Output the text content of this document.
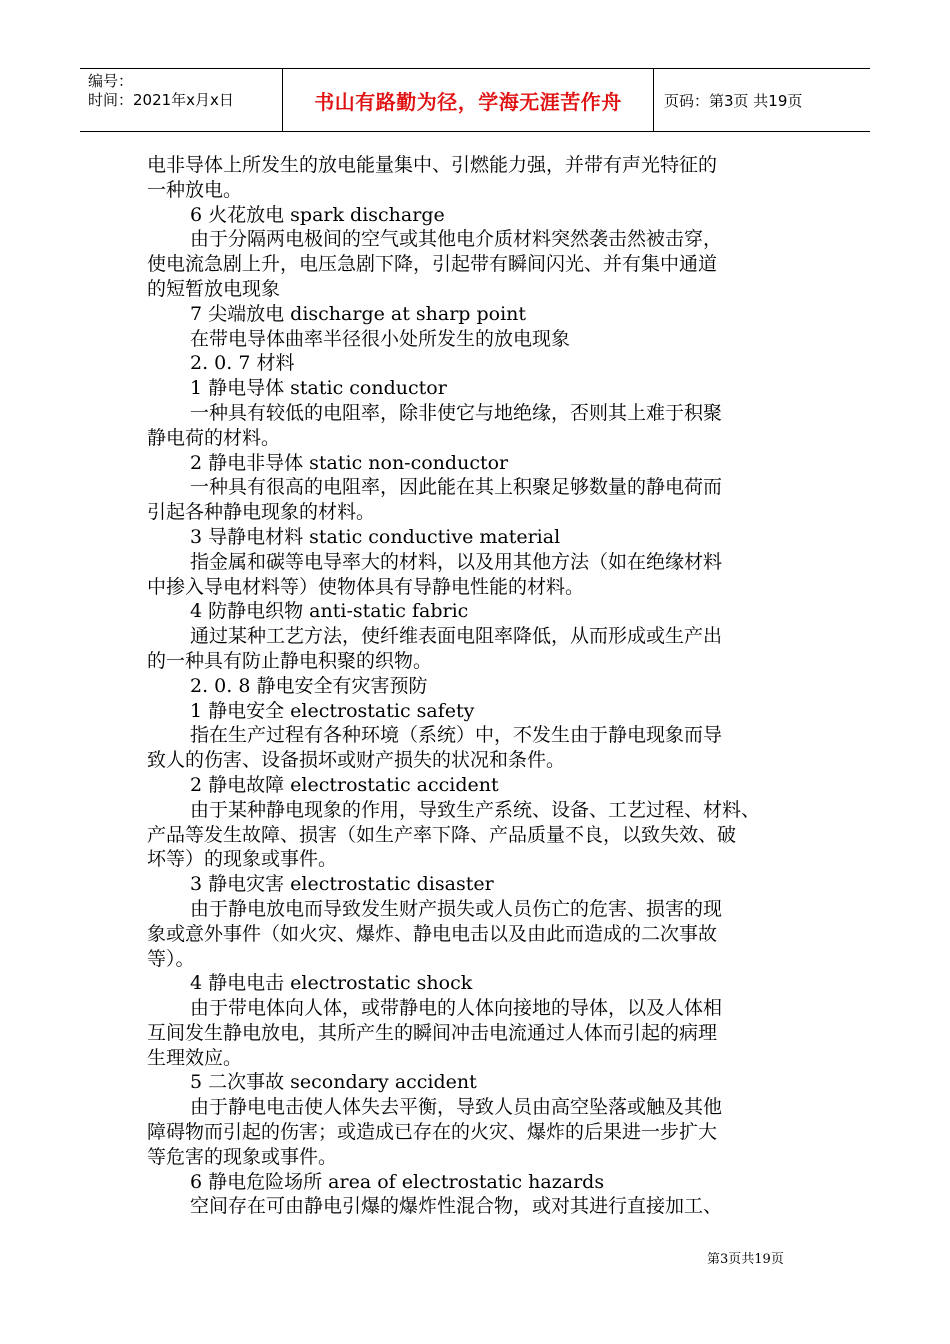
编号：
时间：2021年x月x日	书山有路勤为径，学海无涯苦作舟	页码：第3页 共19页

电非导体上所发生的放电能量集中、引燃能力强，并带有声光特征的

一种放电。

6 火花放电 spark discharge

由于分隔两电极间的空气或其他电介质材料突然袭击然被击穿，

使电流急剧上升，电压急剧下降，引起带有瞬间闪光、并有集中通道

的短暂放电现象

7 尖端放电 discharge at sharp point

在带电导体曲率半径很小处所发生的放电现象

2. 0. 7 材料

1 静电导体 static conductor

一种具有较低的电阻率，除非使它与地绝缘，否则其上难于积聚

静电荷的材料。

2 静电非导体 static non-conductor

一种具有很高的电阻率，因此能在其上积聚足够数量的静电荷而

引起各种静电现象的材料。

3 导静电材料 static conductive material

指金属和碳等电导率大的材料，以及用其他方法（如在绝缘材料

中掺入导电材料等）使物体具有导静电性能的材料。

4 防静电织物 anti-static fabric

通过某种工艺方法，使纤维表面电阻率降低，从而形成或生产出

的一种具有防止静电积聚的织物。

2. 0. 8 静电安全有灾害预防

1 静电安全 electrostatic safety

指在生产过程有各种环境（系统）中，不发生由于静电现象而导

致人的伤害、设备损坏或财产损失的状况和条件。

2 静电故障 electrostatic accident

由于某种静电现象的作用，导致生产系统、设备、工艺过程、材料、

产品等发生故障、损害（如生产率下降、产品质量不良，以致失效、破

坏等）的现象或事件。

3 静电灾害 electrostatic disaster

由于静电放电而导致发生财产损失或人员伤亡的危害、损害的现

象或意外事件（如火灾、爆炸、静电电击以及由此而造成的二次事故

等）。

4 静电电击 electrostatic shock

由于带电体向人体，或带静电的人体向接地的导体，以及人体相

互间发生静电放电，其所产生的瞬间冲击电流通过人体而引起的病理

生理效应。

5 二次事故 secondary accident

由于静电电击使人体失去平衡，导致人员由高空坠落或触及其他

障碍物而引起的伤害；或造成已存在的火灾、爆炸的后果进一步扩大

等危害的现象或事件。

6 静电危险场所 area of electrostatic hazards

空间存在可由静电引爆的爆炸性混合物，或对其进行直接加工、

第3页共19页
